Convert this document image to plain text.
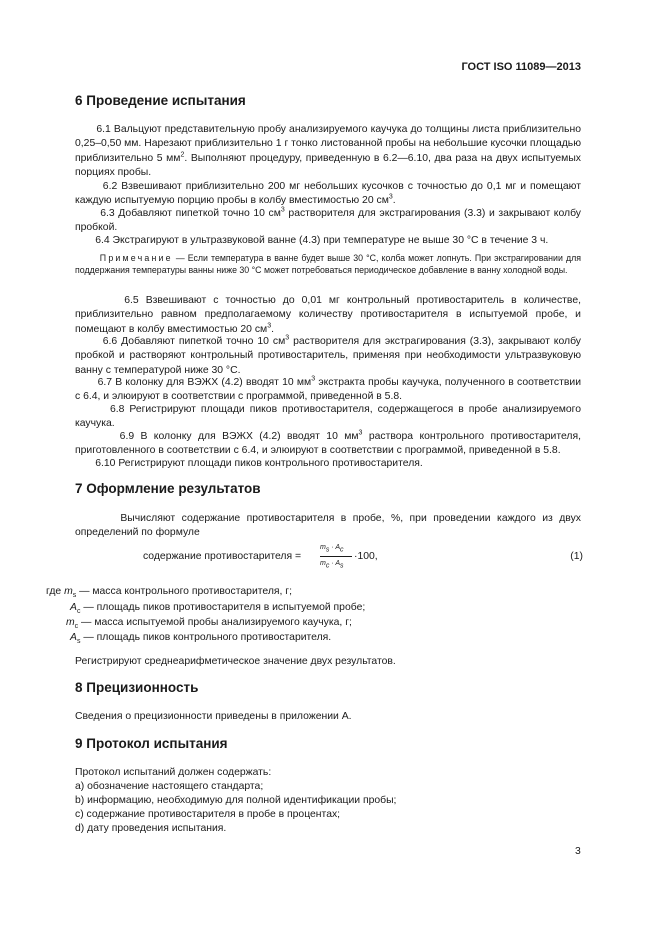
ГОСТ ISO 11089—2013
6 Проведение испытания

6.1 Вальцуют представительную пробу анализируемого каучука до толщины листа приблизительно 0,25–0,50 мм. Нарезают приблизительно 1 г тонко листованной пробы на небольшие кусочки площадью приблизительно 5 $мм^2$. Выполняют процедуру, приведенную в 6.2—6.10, два раза на двух испытуемых порциях пробы.

6.2 Взвешивают приблизительно 200 мг небольших кусочков с точностью до 0,1 мг и помещают каждую испытуемую порцию пробы в колбу вместимостью 20 $см^3$.

6.3 Добавляют пипеткой точно 10 $см^3$ растворителя для экстрагирования (3.3) и закрывают колбу пробкой.

6.4 Экстрагируют в ультразвуковой ванне (4.3) при температуре не выше 30 °С в течение 3 ч.

Примечание — Если температура в ванне будет выше 30 °С, колба может лопнуть. При экстрагировании для поддержания температуры ванны ниже 30 °С может потребоваться периодическое добавление в ванну холодной воды.

6.5 Взвешивают с точностью до 0,01 мг контрольный противостаритель в количестве, приблизительно равном предполагаемому количеству противостарителя в испытуемой пробе, и помещают в колбу вместимостью 20 $см^3$.

6.6 Добавляют пипеткой точно 10 $см^3$ растворителя для экстрагирования (3.3), закрывают колбу пробкой и растворяют контрольный противостаритель, применяя при необходимости ультразвуковую ванну с температурой ниже 30 °С.

6.7 В колонку для ВЭЖХ (4.2) вводят 10 $мм^3$ экстракта пробы каучука, полученного в соответствии с 6.4, и элюируют в соответствии с программой, приведенной в 5.8.

6.8 Регистрируют площади пиков противостарителя, содержащегося в пробе анализируемого каучука.

6.9 В колонку для ВЭЖХ (4.2) вводят 10 $мм^3$ раствора контрольного противостарителя, приготовленного в соответствии с 6.4, и элюируют в соответствии с программой, приведенной в 5.8.

6.10 Регистрируют площади пиков контрольного противостарителя.

7 Оформление результатов

Вычисляют содержание противостарителя в пробе, %, при проведении каждого из двух определений по формуле

содержание противостарителя =
$m_s \cdot A_c$
$m_c \cdot A_s$
·100,	(1)
где $m_s$ — масса контрольного противостарителя, г;
$A_c$ — площадь пиков противостарителя в испытуемой пробе;
$m_c$ — масса испытуемой пробы анализируемого каучука, г;
$A_s$ — площадь пиков контрольного противостарителя.
Регистрируют среднеарифметическое значение двух результатов.
8 Прецизионность
Сведения о прецизионности приведены в приложении А.
9 Протокол испытания
Протокол испытаний должен содержать:
а) обозначение настоящего стандарта;
b) информацию, необходимую для полной идентификации пробы;
c) содержание противостарителя в пробе в процентах;
d) дату проведения испытания.
3
